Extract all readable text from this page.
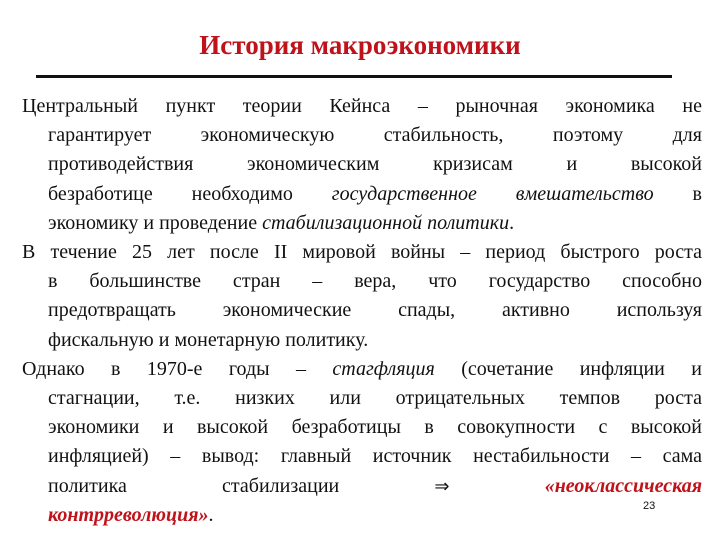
История макроэкономики

Центральный пункт теории Кейнса – рыночная экономика не

гарантирует экономическую стабильность, поэтому для

противодействия экономическим кризисам и высокой

безработице необходимо государственное вмешательство в

экономику и проведение стабилизационной политики.

В течение 25 лет после II мировой войны – период быстрого роста

в большинстве стран – вера, что государство способно

предотвращать экономические спады, активно используя

фискальную и монетарную политику.

Однако в 1970-е годы – стагфляция (сочетание инфляции и

стагнации, т.е. низких или отрицательных темпов роста

экономики и высокой безработицы в совокупности с высокой

инфляцией) – вывод: главный источник нестабильности – сама

политика стабилизации	⇒	«неоклассическая

контрреволюция».	23
